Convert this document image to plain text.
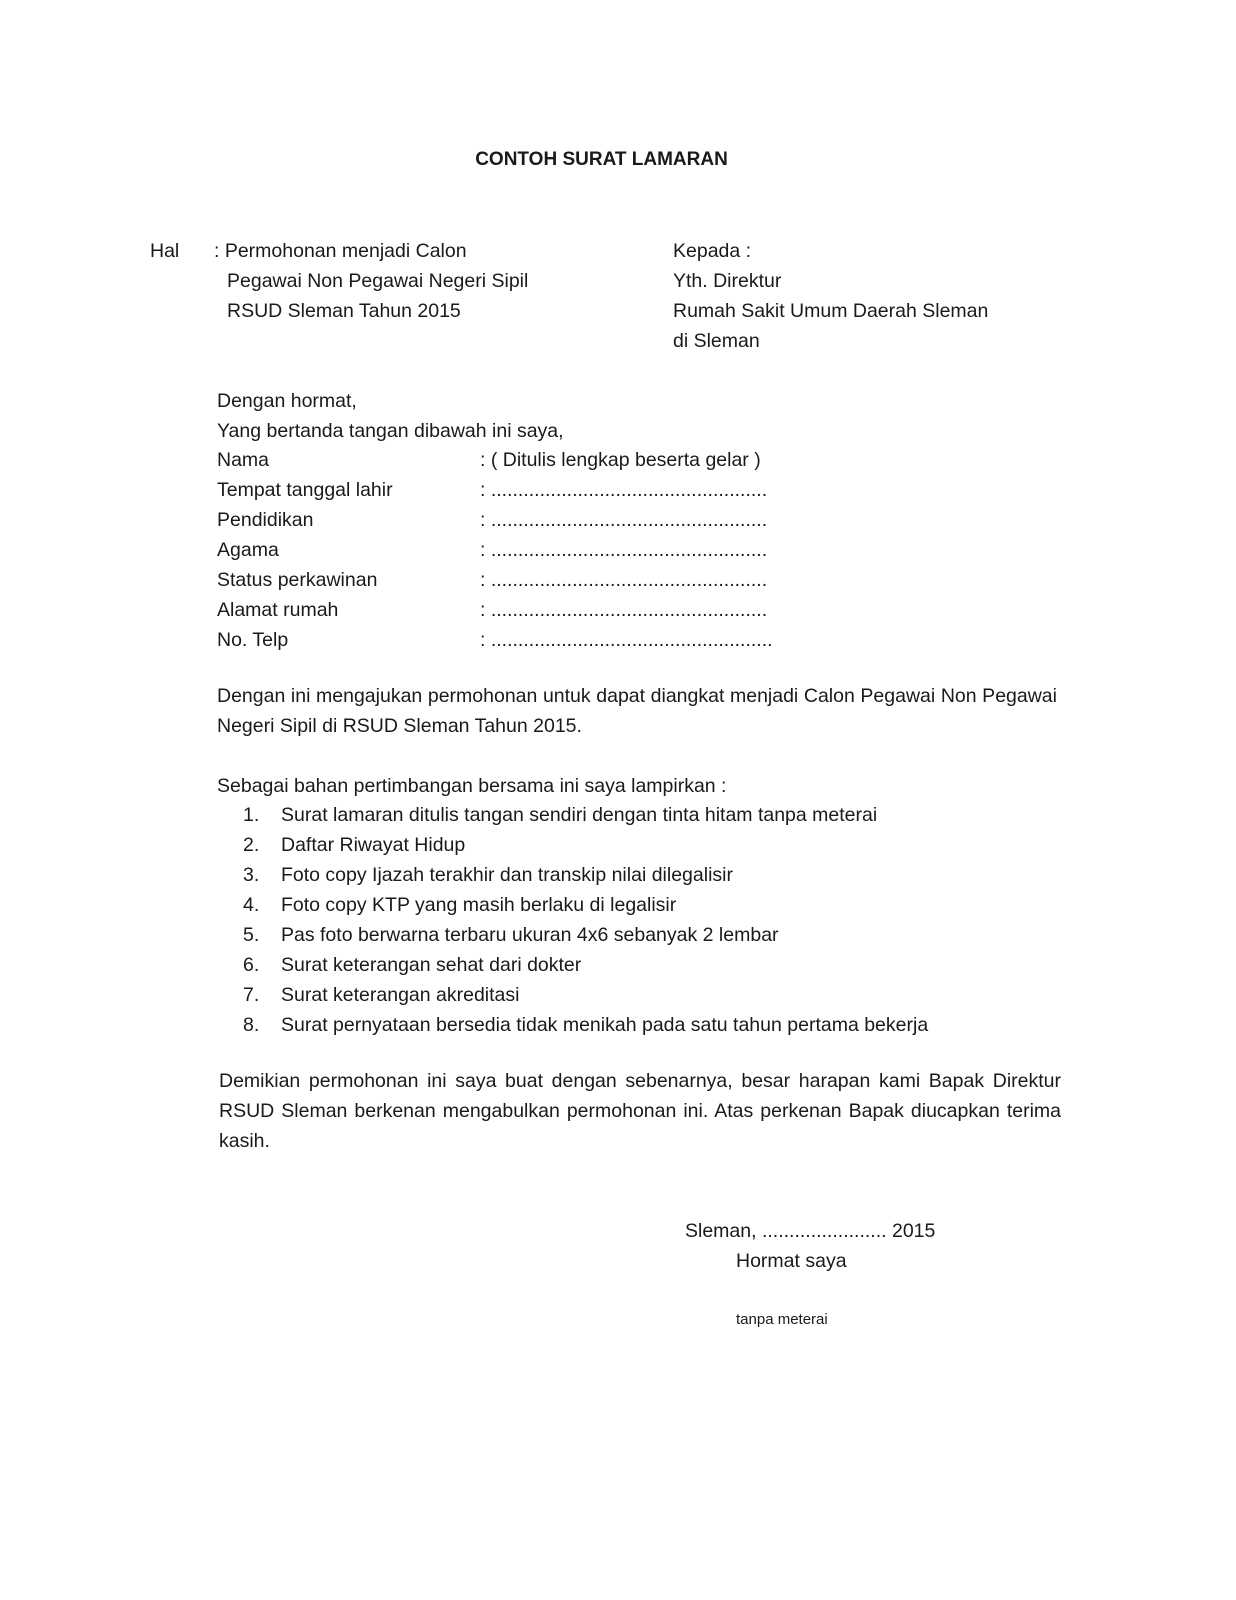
CONTOH SURAT LAMARAN
Hal : Permohonan menjadi Calon
Pegawai Non Pegawai Negeri Sipil
RSUD Sleman Tahun 2015
Kepada :
Yth. Direktur
Rumah Sakit Umum Daerah Sleman
di Sleman
Dengan hormat,
Yang bertanda tangan dibawah ini saya,
Nama	: ( Ditulis lengkap beserta gelar )
Tempat tanggal lahir	: ...................................................
Pendidikan	: ...................................................
Agama	: ...................................................
Status perkawinan	: ...................................................
Alamat rumah	: ...................................................
No. Telp	: ....................................................
Dengan ini mengajukan permohonan untuk dapat diangkat menjadi Calon Pegawai Non Pegawai Negeri Sipil di RSUD Sleman Tahun 2015.
Sebagai bahan pertimbangan bersama ini saya lampirkan :
1.	Surat lamaran ditulis tangan sendiri dengan tinta hitam tanpa meterai
2.	Daftar Riwayat Hidup
3.	Foto copy Ijazah terakhir dan transkip nilai dilegalisir
4.	Foto copy KTP yang masih berlaku di legalisir
5.	Pas foto berwarna terbaru ukuran 4x6 sebanyak 2 lembar
6.	Surat keterangan sehat dari dokter
7.	Surat keterangan akreditasi
8.	Surat pernyataan bersedia tidak menikah pada satu tahun pertama bekerja
Demikian permohonan ini saya buat dengan sebenarnya, besar harapan kami Bapak Direktur RSUD Sleman berkenan mengabulkan permohonan ini. Atas perkenan Bapak diucapkan terima kasih.
Sleman, ....................... 2015
Hormat saya
tanpa meterai
